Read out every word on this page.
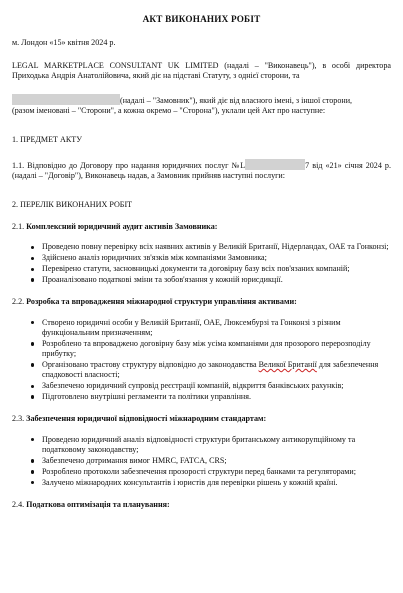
АКТ ВИКОНАНИХ РОБІТ

м. Лондон «15» квітня 2024 р.

LEGAL MARKETPLACE CONSULTANT UK LIMITED (надалі – "Виконавець"), в особі директора Приходька Андрія Анатолійовича, який діє на підставі Статуту, з однієї сторони, та

(надалі – "Замовник"), який діє від власного імені, з іншої сторони,

(разом іменовані – "Сторони", а кожна окремо – "Сторона"), уклали цей Акт про наступне:

1. ПРЕДМЕТ АКТУ

1.1. Відповідно до Договору про надання юридичних послуг №L	7 від «21» січня 2024 р. (надалі – "Договір"), Виконавець надав, а Замовник прийняв наступні послуги:

2. ПЕРЕЛІК ВИКОНАНИХ РОБІТ

2.1. Комплексний юридичний аудит активів Замовника:

Проведено повну перевірку всіх наявних активів у Великій Британії, Нідерландах, ОАЕ та Гонконзі;
Здійснено аналіз юридичних зв'язків між компаніями Замовника;
Перевірено статути, засновницькі документи та договірну базу всіх пов'язаних компаній;
Проаналізовано податкові зміни та зобов'язання у кожній юрисдикції.

2.2. Розробка та впровадження міжнародної структури управління активами:

Створено юридичні особи у Великій Британії, ОАЕ, Люксембурзі та Гонконзі з різним функціональним призначенням;
Розроблено та впроваджено договірну базу між усіма компаніями для прозорого перерозподілу прибутку;
Організовано трастову структуру відповідно до законодавства Великої Британії для забезпечення спадковості власності;
Забезпечено юридичний супровід реєстрації компаній, відкриття банківських рахунків;
Підготовлено внутрішні регламенти та політики управління.

2.3. Забезпечення юридичної відповідності міжнародним стандартам:

Проведено юридичний аналіз відповідності структури британському антикорупційному та податковому законодавству;
Забезпечено дотримання вимог HMRC, FATCA, CRS;
Розроблено протоколи забезпечення прозорості структури перед банками та регуляторами;
Залучено міжнародних консультантів і юристів для перевірки рішень у кожній країні.

2.4. Податкова оптимізація та планування:
